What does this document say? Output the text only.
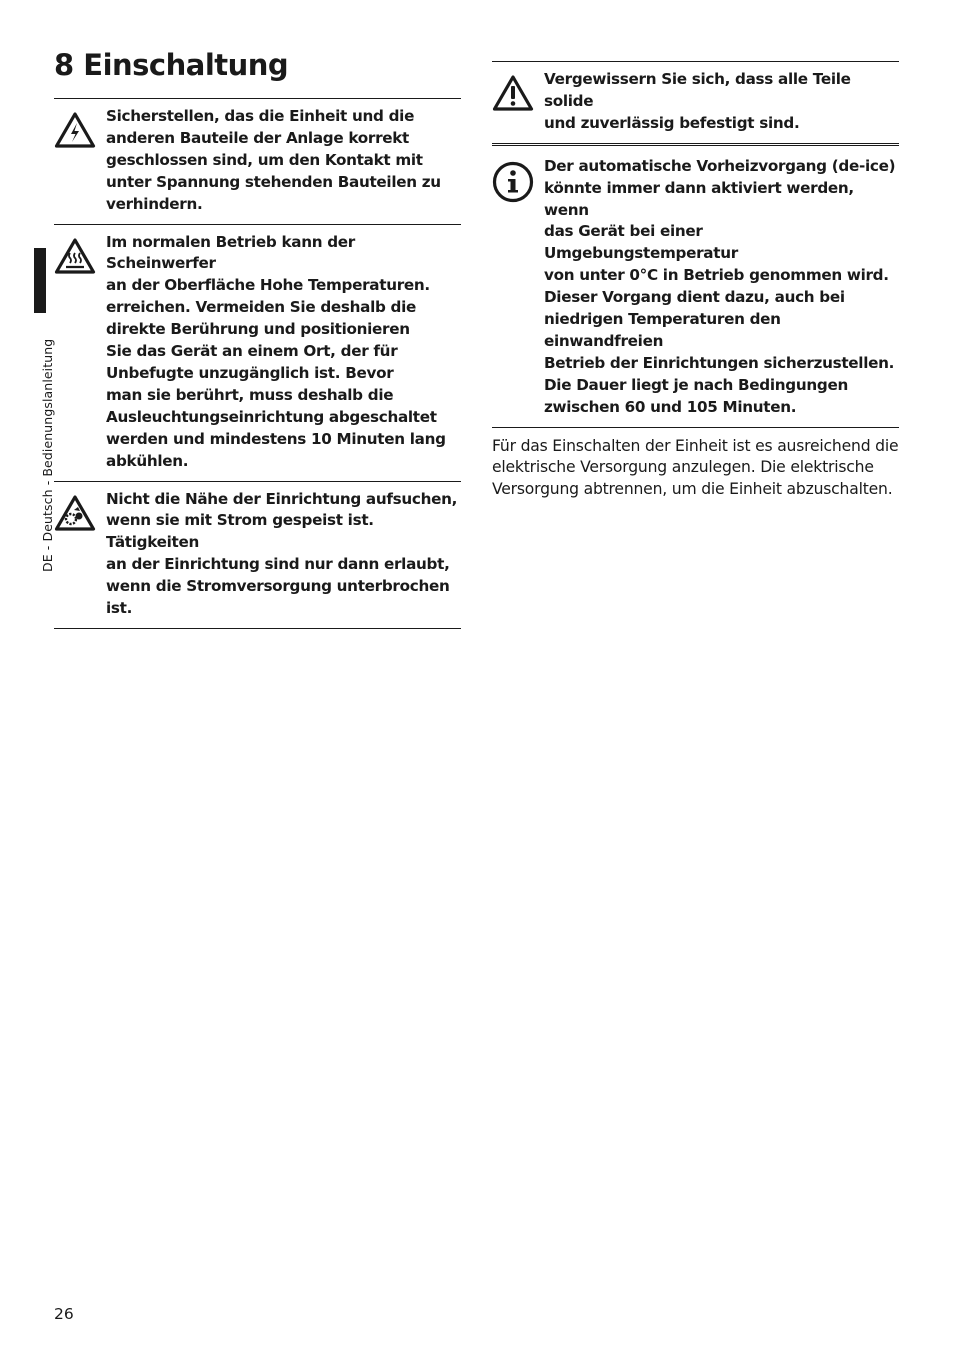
8 Einschaltung
DE - Deutsch - Bedienungslanleitung
Sicherstellen, das die Einheit und die
anderen Bauteile der Anlage korrekt
geschlossen sind, um den Kontakt mit
unter Spannung stehenden Bauteilen zu
verhindern.
Im normalen Betrieb kann der Scheinwerfer
an der Oberfläche Hohe Temperaturen.
erreichen. Vermeiden Sie deshalb die
direkte Berührung und positionieren
Sie das Gerät an einem Ort, der für
Unbefugte unzugänglich ist. Bevor
man sie berührt, muss deshalb die
Ausleuchtungseinrichtung abgeschaltet
werden und mindestens 10 Minuten lang
abkühlen.
Nicht die Nähe der Einrichtung aufsuchen,
wenn sie mit Strom gespeist ist. Tätigkeiten
an der Einrichtung sind nur dann erlaubt,
wenn die Stromversorgung unterbrochen
ist.
Vergewissern Sie sich, dass alle Teile solide
und zuverlässig befestigt sind.
Der automatische Vorheizvorgang (de-ice)
könnte immer dann aktiviert werden, wenn
das Gerät bei einer Umgebungstemperatur
von unter 0°C in Betrieb genommen wird.
Dieser Vorgang dient dazu, auch bei
niedrigen Temperaturen den einwandfreien
Betrieb der Einrichtungen sicherzustellen.
Die Dauer liegt je nach Bedingungen
zwischen 60 und 105 Minuten.

Für das Einschalten der Einheit ist es ausreichend die
elektrische Versorgung anzulegen. Die elektrische
Versorgung abtrennen, um die Einheit abzuschalten.

26
